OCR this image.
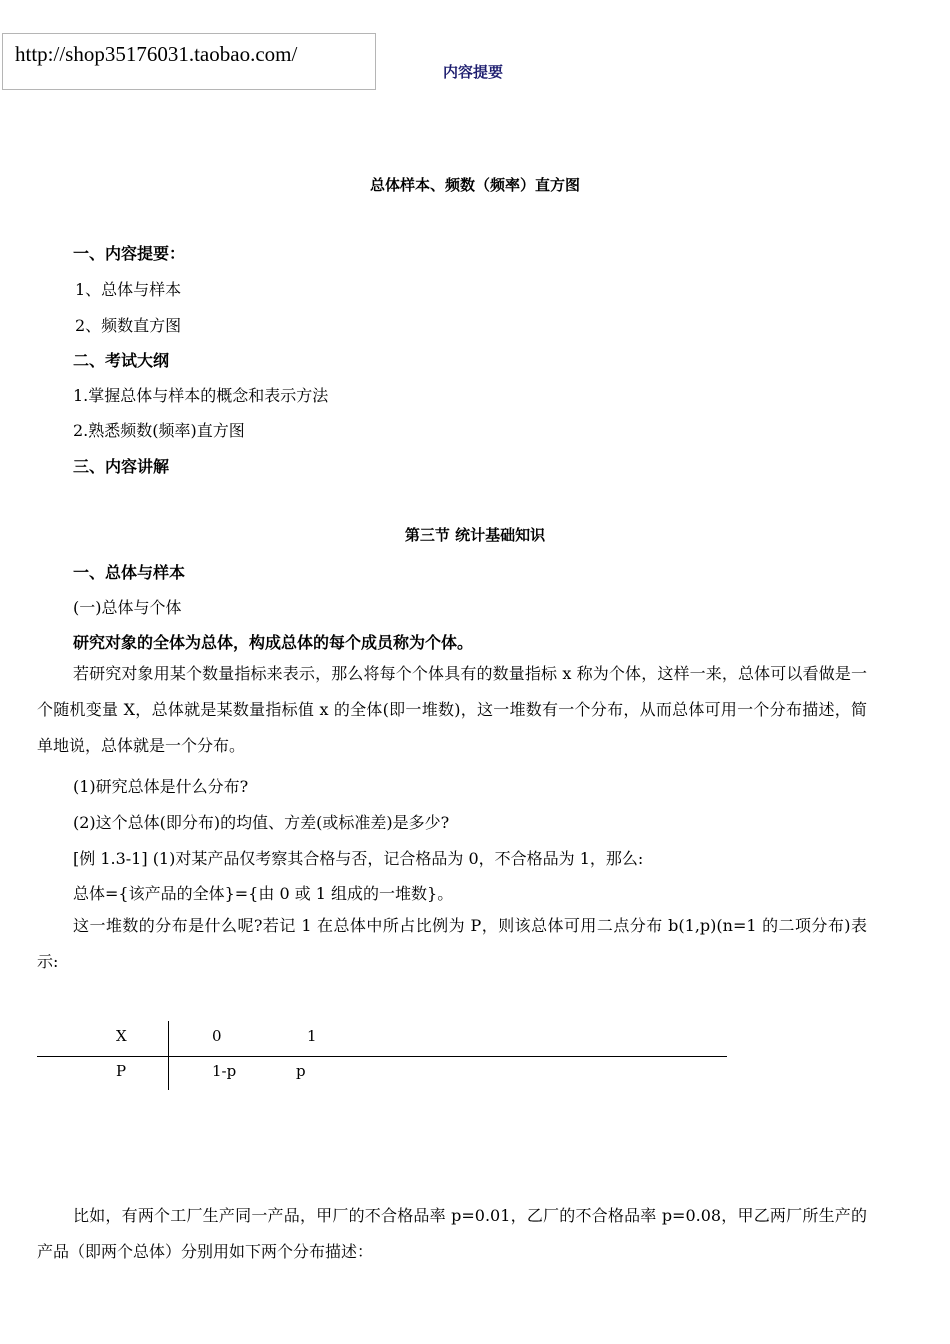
http://shop35176031.taobao.com/
内容提要
总体样本、频数（频率）直方图
一、内容提要：
1、总体与样本
2、频数直方图
二、考试大纲
1.掌握总体与样本的概念和表示方法
2.熟悉频数(频率)直方图
三、内容讲解
第三节 统计基础知识
一、总体与样本
(一)总体与个体
研究对象的全体为总体，构成总体的每个成员称为个体。

若研究对象用某个数量指标来表示，那么将每个个体具有的数量指标 x 称为个体，这样一来，总体可以看做是一个随机变量 X，总体就是某数量指标值 x 的全体(即一堆数)，这一堆数有一个分布，从而总体可用一个分布描述，简单地说，总体就是一个分布。

(1)研究总体是什么分布?
(2)这个总体(即分布)的均值、方差(或标准差)是多少?
[例 1.3-1] (1)对某产品仅考察其合格与否，记合格品为 0，不合格品为 1，那么:
总体={该产品的全体}={由 0 或 1 组成的一堆数}。

这一堆数的分布是什么呢?若记 1 在总体中所占比例为 P，则该总体可用二点分布 b(1,p)(n=1 的二项分布)表示:

X	0	1
P	1-p	p

比如，有两个工厂生产同一产品，甲厂的不合格品率 p=0.01，乙厂的不合格品率 p=0.08，甲乙两厂所生产的产品（即两个总体）分别用如下两个分布描述：
